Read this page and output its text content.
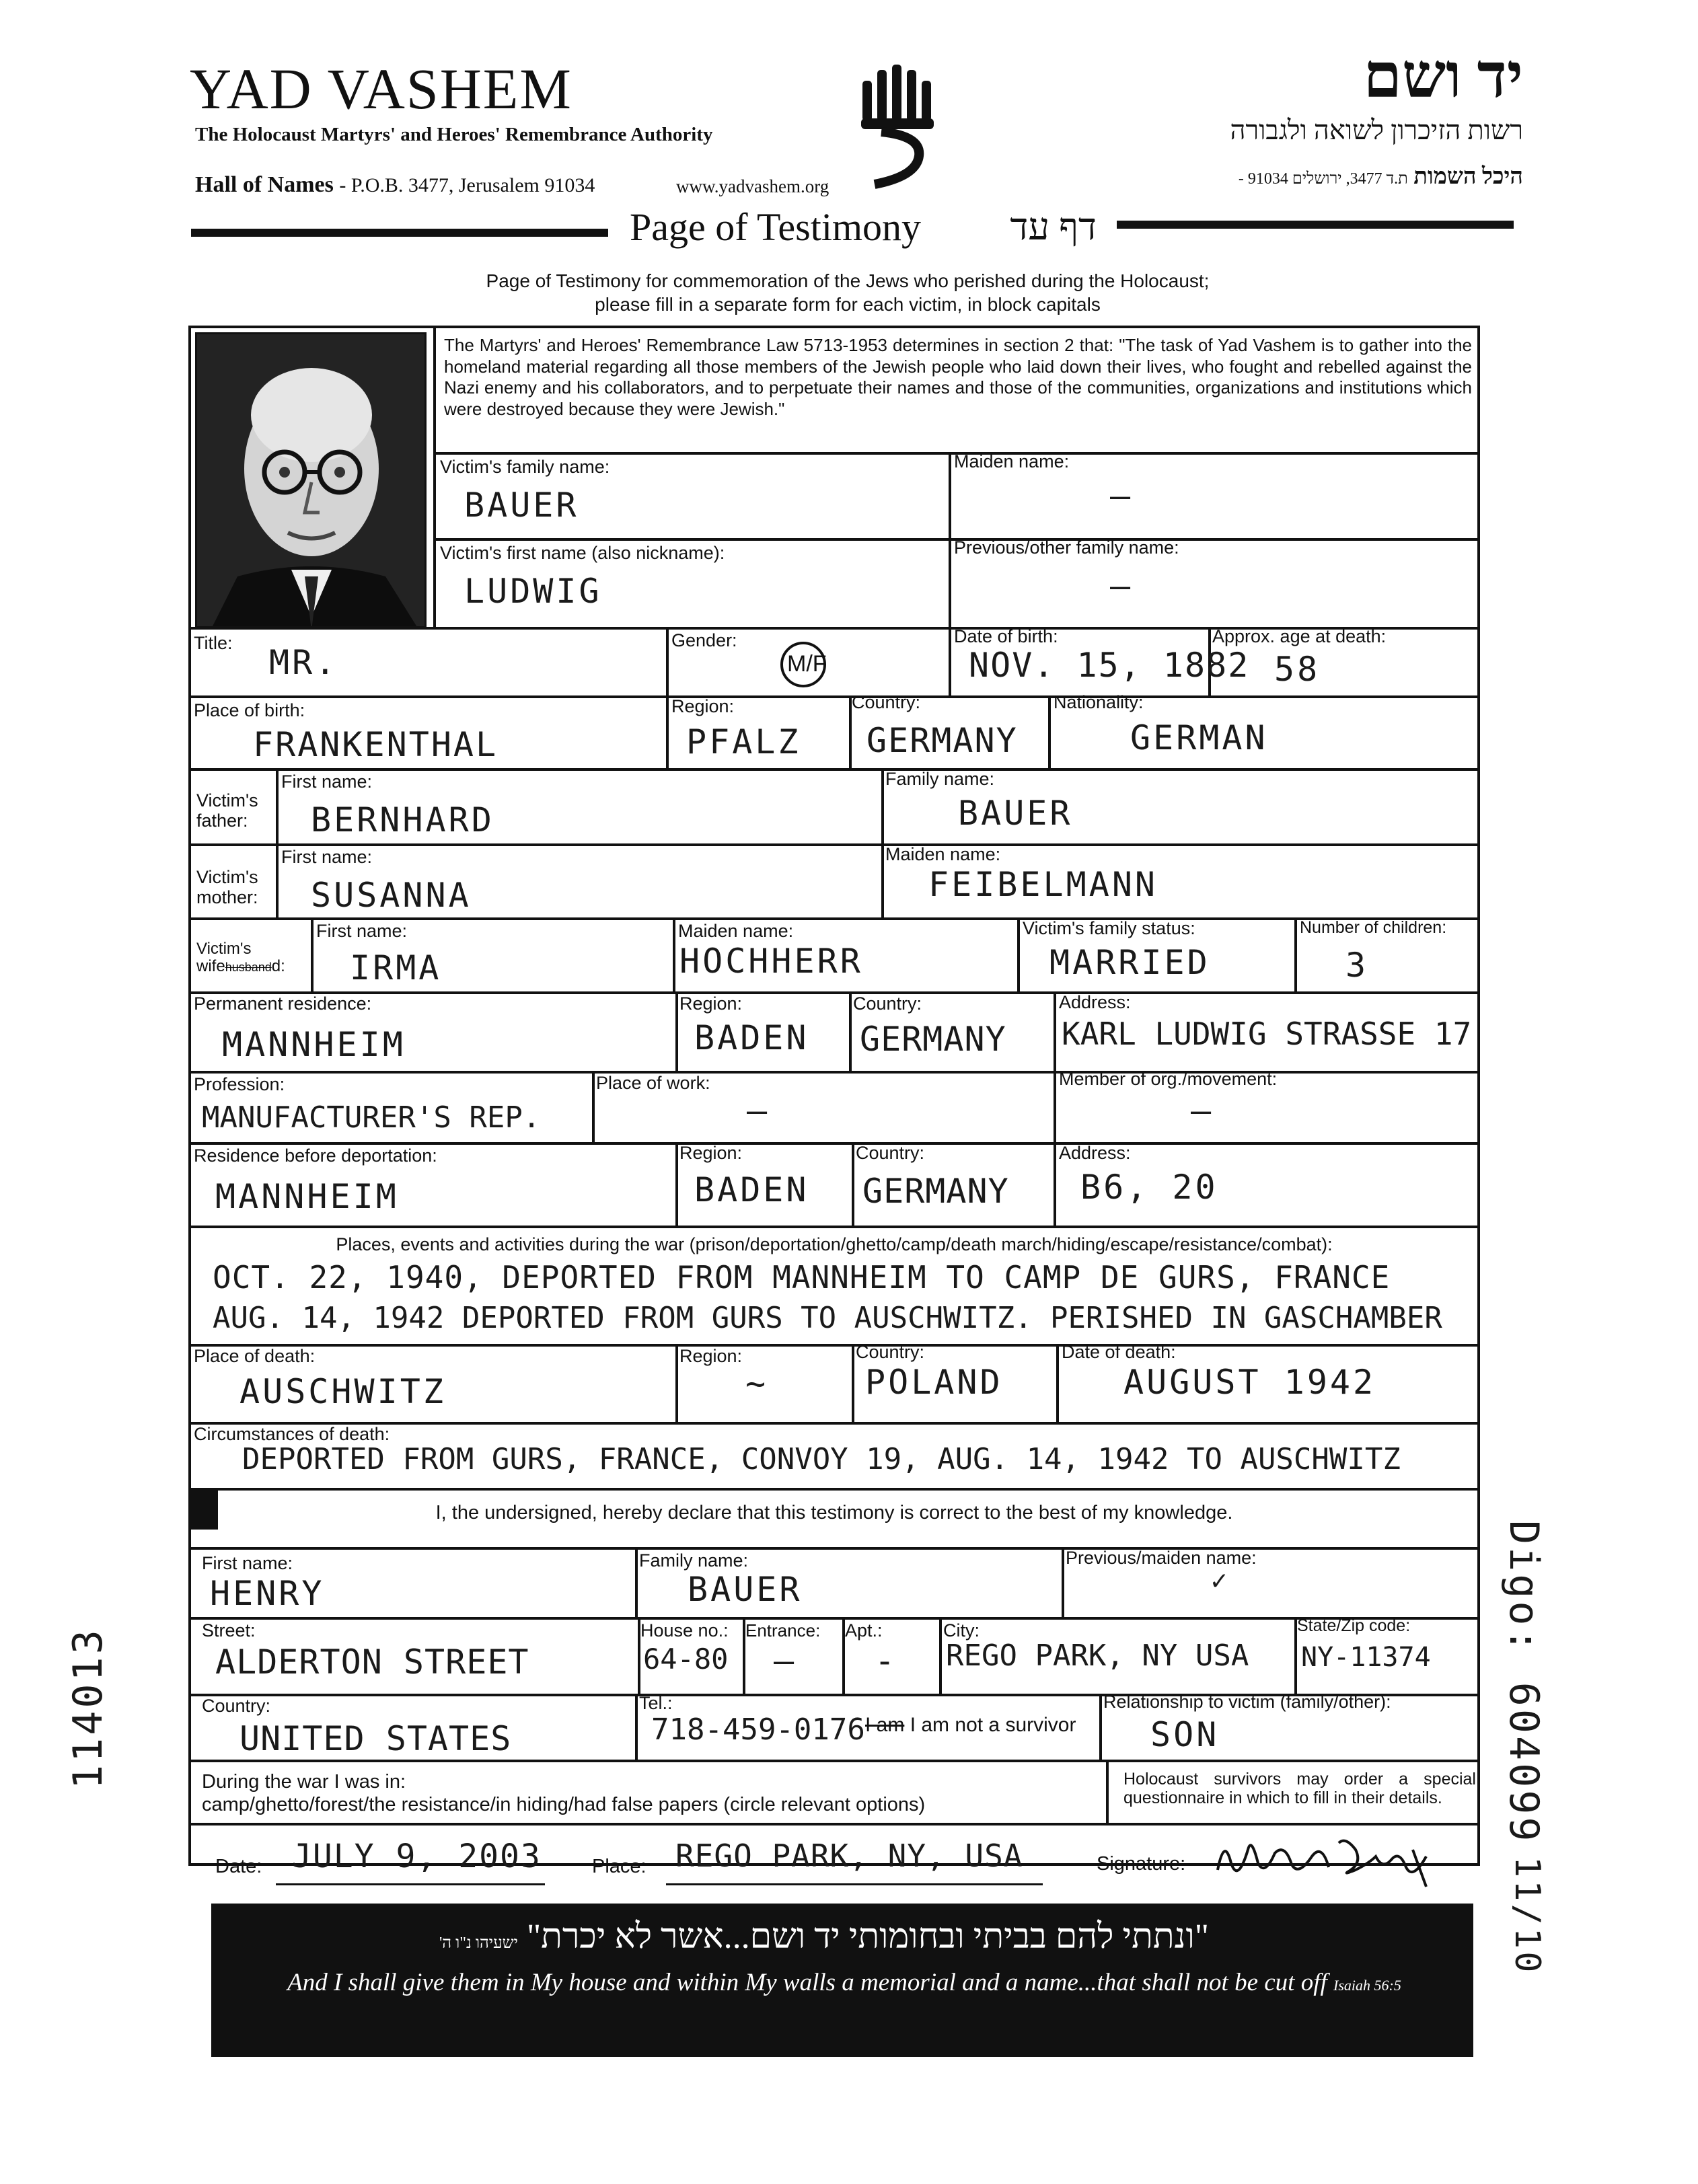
YAD VASHEM
The Holocaust Martyrs' and Heroes' Remembrance Authority
Hall of Names - P.O.B. 3477, Jerusalem 91034	www.yadvashem.org
יד ושם
רשות הזיכרון לשואה ולגבורה
היכל השמות ת.ד 3477, ירושלים 91034 -
Page of Testimony	דף עד
Page of Testimony for commemoration of the Jews who perished during the Holocaust;
please fill in a separate form for each victim, in block capitals
The Martyrs' and Heroes' Remembrance Law 5713-1953 determines in section 2 that: "The task of Yad Vashem is to gather into the homeland material regarding all those members of the Jewish people who laid down their lives, who fought and rebelled against the Nazi enemy and his collaborators, and to perpetuate their names and those of the communities, organizations and institutions which were destroyed because they were Jewish."
Victim's family name:
BAUER
Maiden name:
—
Victim's first name (also nickname):
LUDWIG
Previous/other family name:
—
Title: MR.
Gender:
M/F
Date of birth:
NOV. 15, 1882
Approx. age at death:
58
Place of birth:
FRANKENTHAL
Region:
PFALZ
Country:
GERMANY
Nationality:
GERMAN
Victim's father:
First name:
BERNHARD
Family name:
BAUER
Victim's mother:
First name:
SUSANNA
Maiden name:
FEIBELMANN
Victim's
wifehusbandd:
First name:
IRMA
Maiden name:
HOCHHERR
Victim's family status:
MARRIED
Number of children:
3
Permanent residence:
MANNHEIM
Region:
BADEN
Country:
GERMANY
Address:
KARL LUDWIG STRASSE 17
Profession:
MANUFACTURER'S REP.
Place of work:
—
Member of org./movement:
—
Residence before deportation:
MANNHEIM
Region:
BADEN
Country:
GERMANY
Address:
B6, 20
Places, events and activities during the war (prison/deportation/ghetto/camp/death march/hiding/escape/resistance/combat):
OCT. 22, 1940, DEPORTED FROM MANNHEIM TO CAMP DE GURS, FRANCE
AUG. 14, 1942 DEPORTED FROM GURS TO AUSCHWITZ. PERISHED IN GASCHAMBER
Place of death:
AUSCHWITZ
Region:
~
Country:
POLAND
Date of death:
AUGUST 1942
Circumstances of death:
DEPORTED FROM GURS, FRANCE, CONVOY 19, AUG. 14, 1942 TO AUSCHWITZ
I, the undersigned, hereby declare that this testimony is correct to the best of my knowledge.
First name:
HENRY
Family name:
BAUER
Previous/maiden name:
✓
Street:
ALDERTON STREET
House no.:
64-80
Entrance:
—
Apt.:
-
City:
REGO PARK, NY USA
State/Zip code:
NY-11374
Country:
UNITED STATES
Tel.:
718-459-0176 I am I am not a survivor
Relationship to victim (family/other):
SON
During the war I was in:
camp/ghetto/forest/the resistance/in hiding/had false papers (circle relevant options)
Holocaust survivors may order a special questionnaire in which to fill in their details.
Date: JULY 9, 2003	Place: REGO PARK, NY, USA	Signature:
"ונתתי להם בביתי ובחומותי יד ושם...אשר לא יכרת" ישעיהו נ"ו ה'
And I shall give them in My house and within My walls a memorial and a name...that shall not be cut off Isaiah 56:5
114013	Digo: 604099
11/10
